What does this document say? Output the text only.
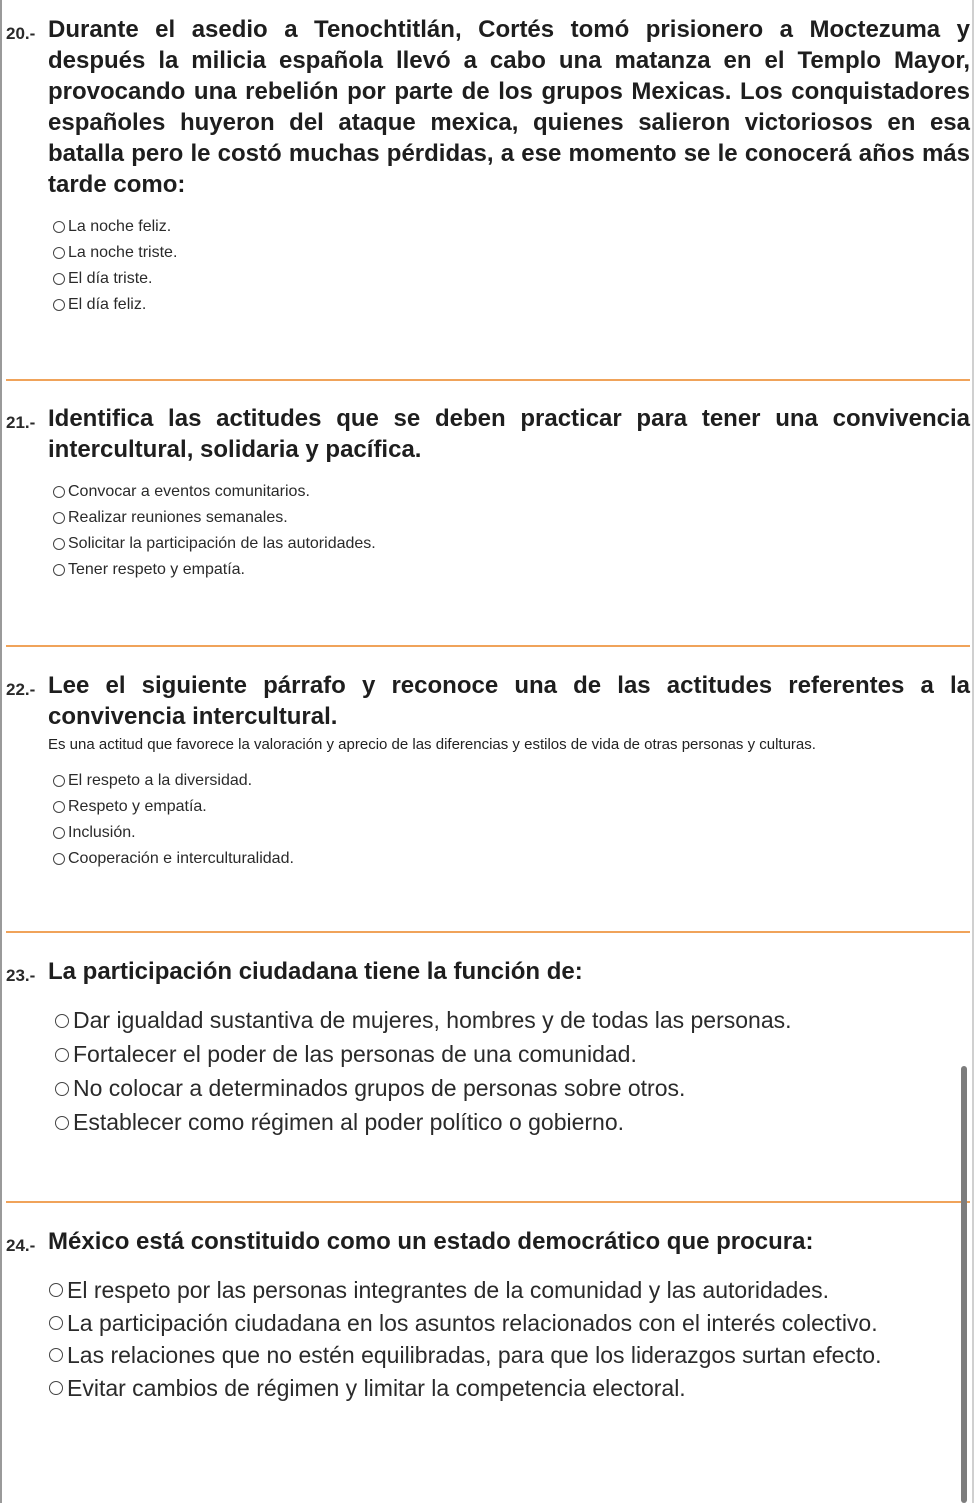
20.- Durante el asedio a Tenochtitlán, Cortés tomó prisionero a Moctezuma y después la milicia española llevó a cabo una matanza en el Templo Mayor, provocando una rebelión por parte de los grupos Mexicas. Los conquistadores españoles huyeron del ataque mexica, quienes salieron victoriosos en esa batalla pero le costó muchas pérdidas, a ese momento se le conocerá años más tarde como:
La noche feliz.
La noche triste.
El día triste.
El día feliz.
21.- Identifica las actitudes que se deben practicar para tener una convivencia intercultural, solidaria y pacífica.
Convocar a eventos comunitarios.
Realizar reuniones semanales.
Solicitar la participación de las autoridades.
Tener respeto y empatía.
22.- Lee el siguiente párrafo y reconoce una de las actitudes referentes a la convivencia intercultural.
Es una actitud que favorece la valoración y aprecio de las diferencias y estilos de vida de otras personas y culturas.
El respeto a la diversidad.
Respeto y empatía.
Inclusión.
Cooperación e interculturalidad.
23.- La participación ciudadana tiene la función de:
Dar igualdad sustantiva de mujeres, hombres y de todas las personas.
Fortalecer el poder de las personas de una comunidad.
No colocar a determinados grupos de personas sobre otros.
Establecer como régimen al poder político o gobierno.
24.- México está constituido como un estado democrático que procura:
El respeto por las personas integrantes de la comunidad y las autoridades.
La participación ciudadana en los asuntos relacionados con el interés colectivo.
Las relaciones que no estén equilibradas, para que los liderazgos surtan efecto.
Evitar cambios de régimen y limitar la competencia electoral.
